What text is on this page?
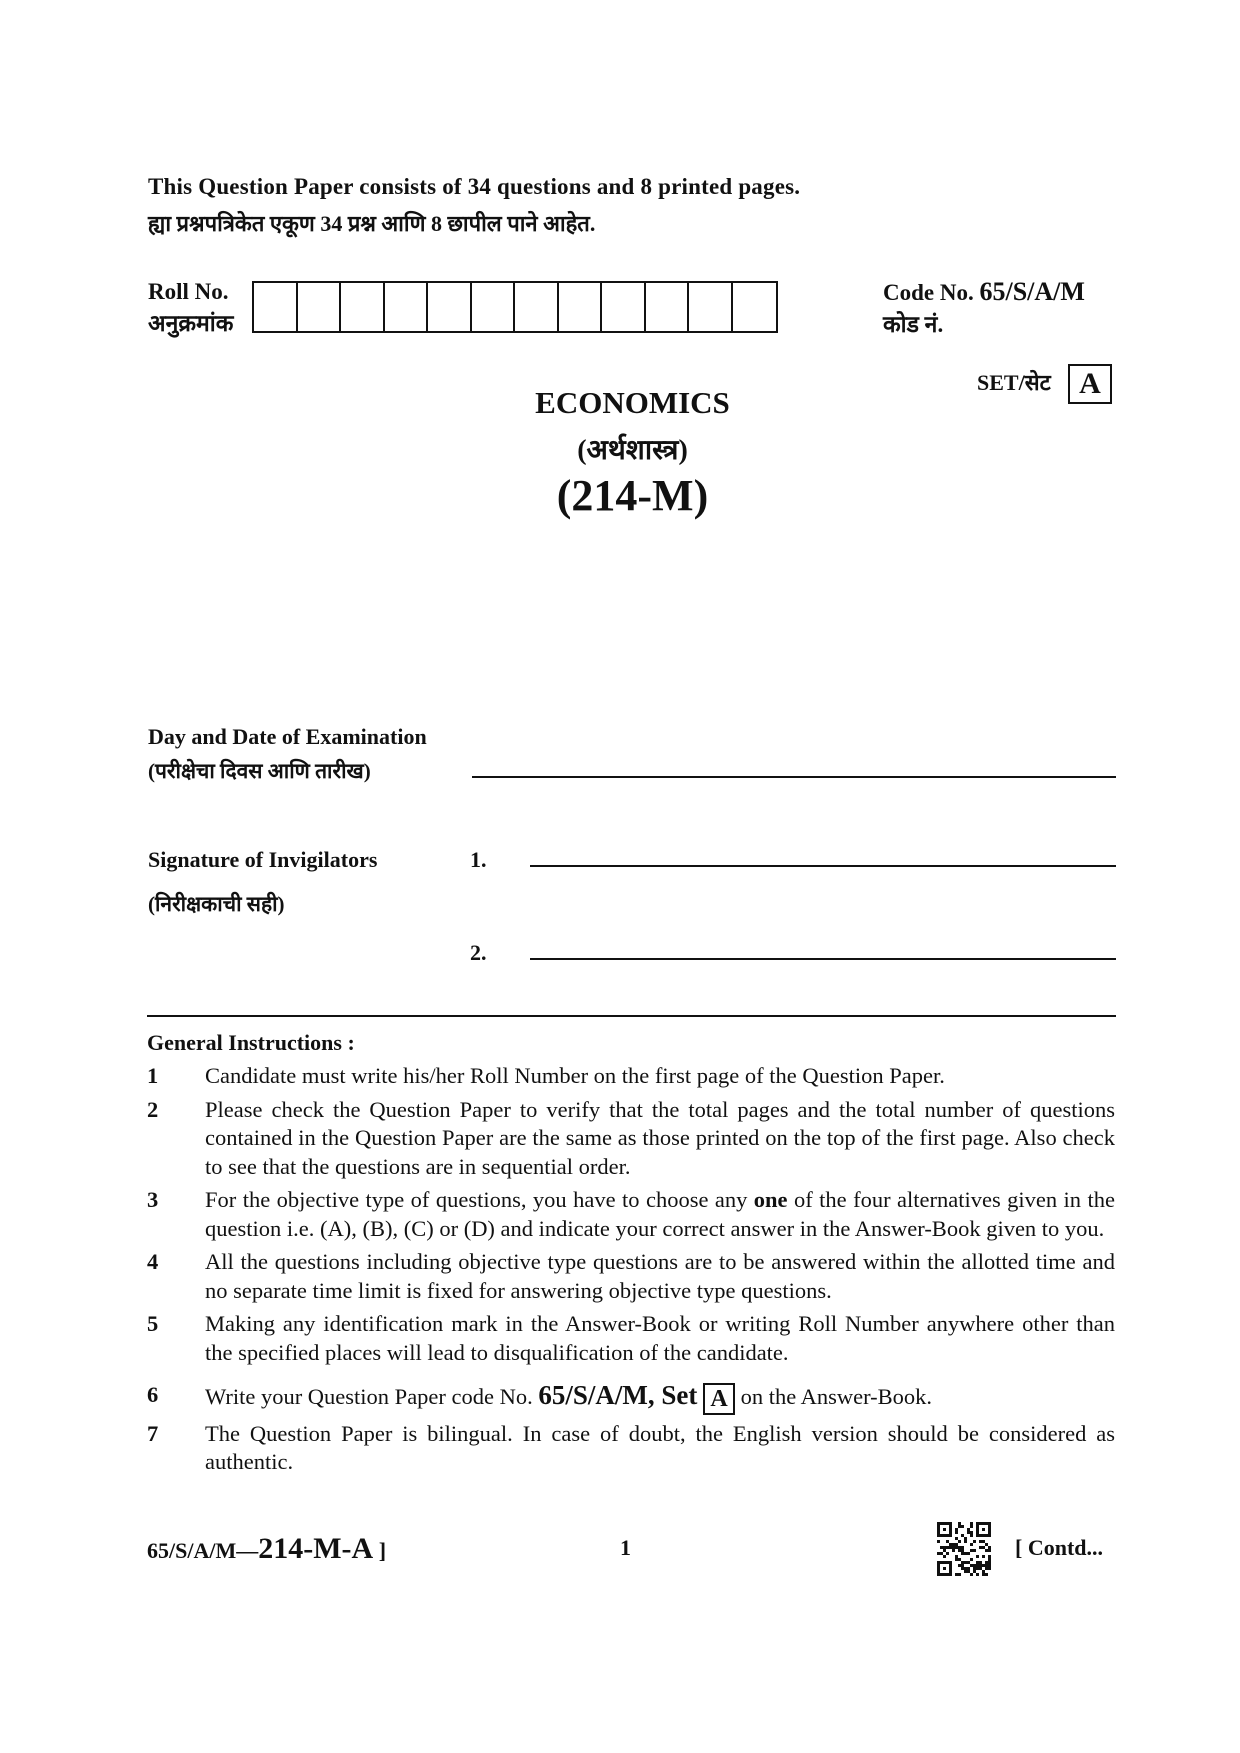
This Question Paper consists of 34 questions and 8 printed pages.
ह्या प्रश्नपत्रिकेत एकूण 34 प्रश्न आणि 8 छापील पाने आहेत.
Roll No.
अनुक्रमांक
Code No. 65/S/A/M
कोड नं.
SET/सेट A
ECONOMICS
(अर्थशास्त्र)
(214-M)
Day and Date of Examination
(परीक्षेचा दिवस आणि तारीख)
Signature of Invigilators
(निरीक्षकाची सही)
1.
2.
General Instructions :
1	Candidate must write his/her Roll Number on the first page of the Question Paper.
2	Please check the Question Paper to verify that the total pages and the total number of questions contained in the Question Paper are the same as those printed on the top of the first page. Also check to see that the questions are in sequential order.
3	For the objective type of questions, you have to choose any one of the four alternatives given in the question i.e. (A), (B), (C) or (D) and indicate your correct answer in the Answer-Book given to you.
4	All the questions including objective type questions are to be answered within the allotted time and no separate time limit is fixed for answering objective type questions.
5	Making any identification mark in the Answer-Book or writing Roll Number anywhere other than the specified places will lead to disqualification of the candidate.
6	Write your Question Paper code No. 65/S/A/M, Set A on the Answer-Book.
7	The Question Paper is bilingual. In case of doubt, the English version should be considered as authentic.
65/S/A/M—214-M-A ]	1	[ Contd...
